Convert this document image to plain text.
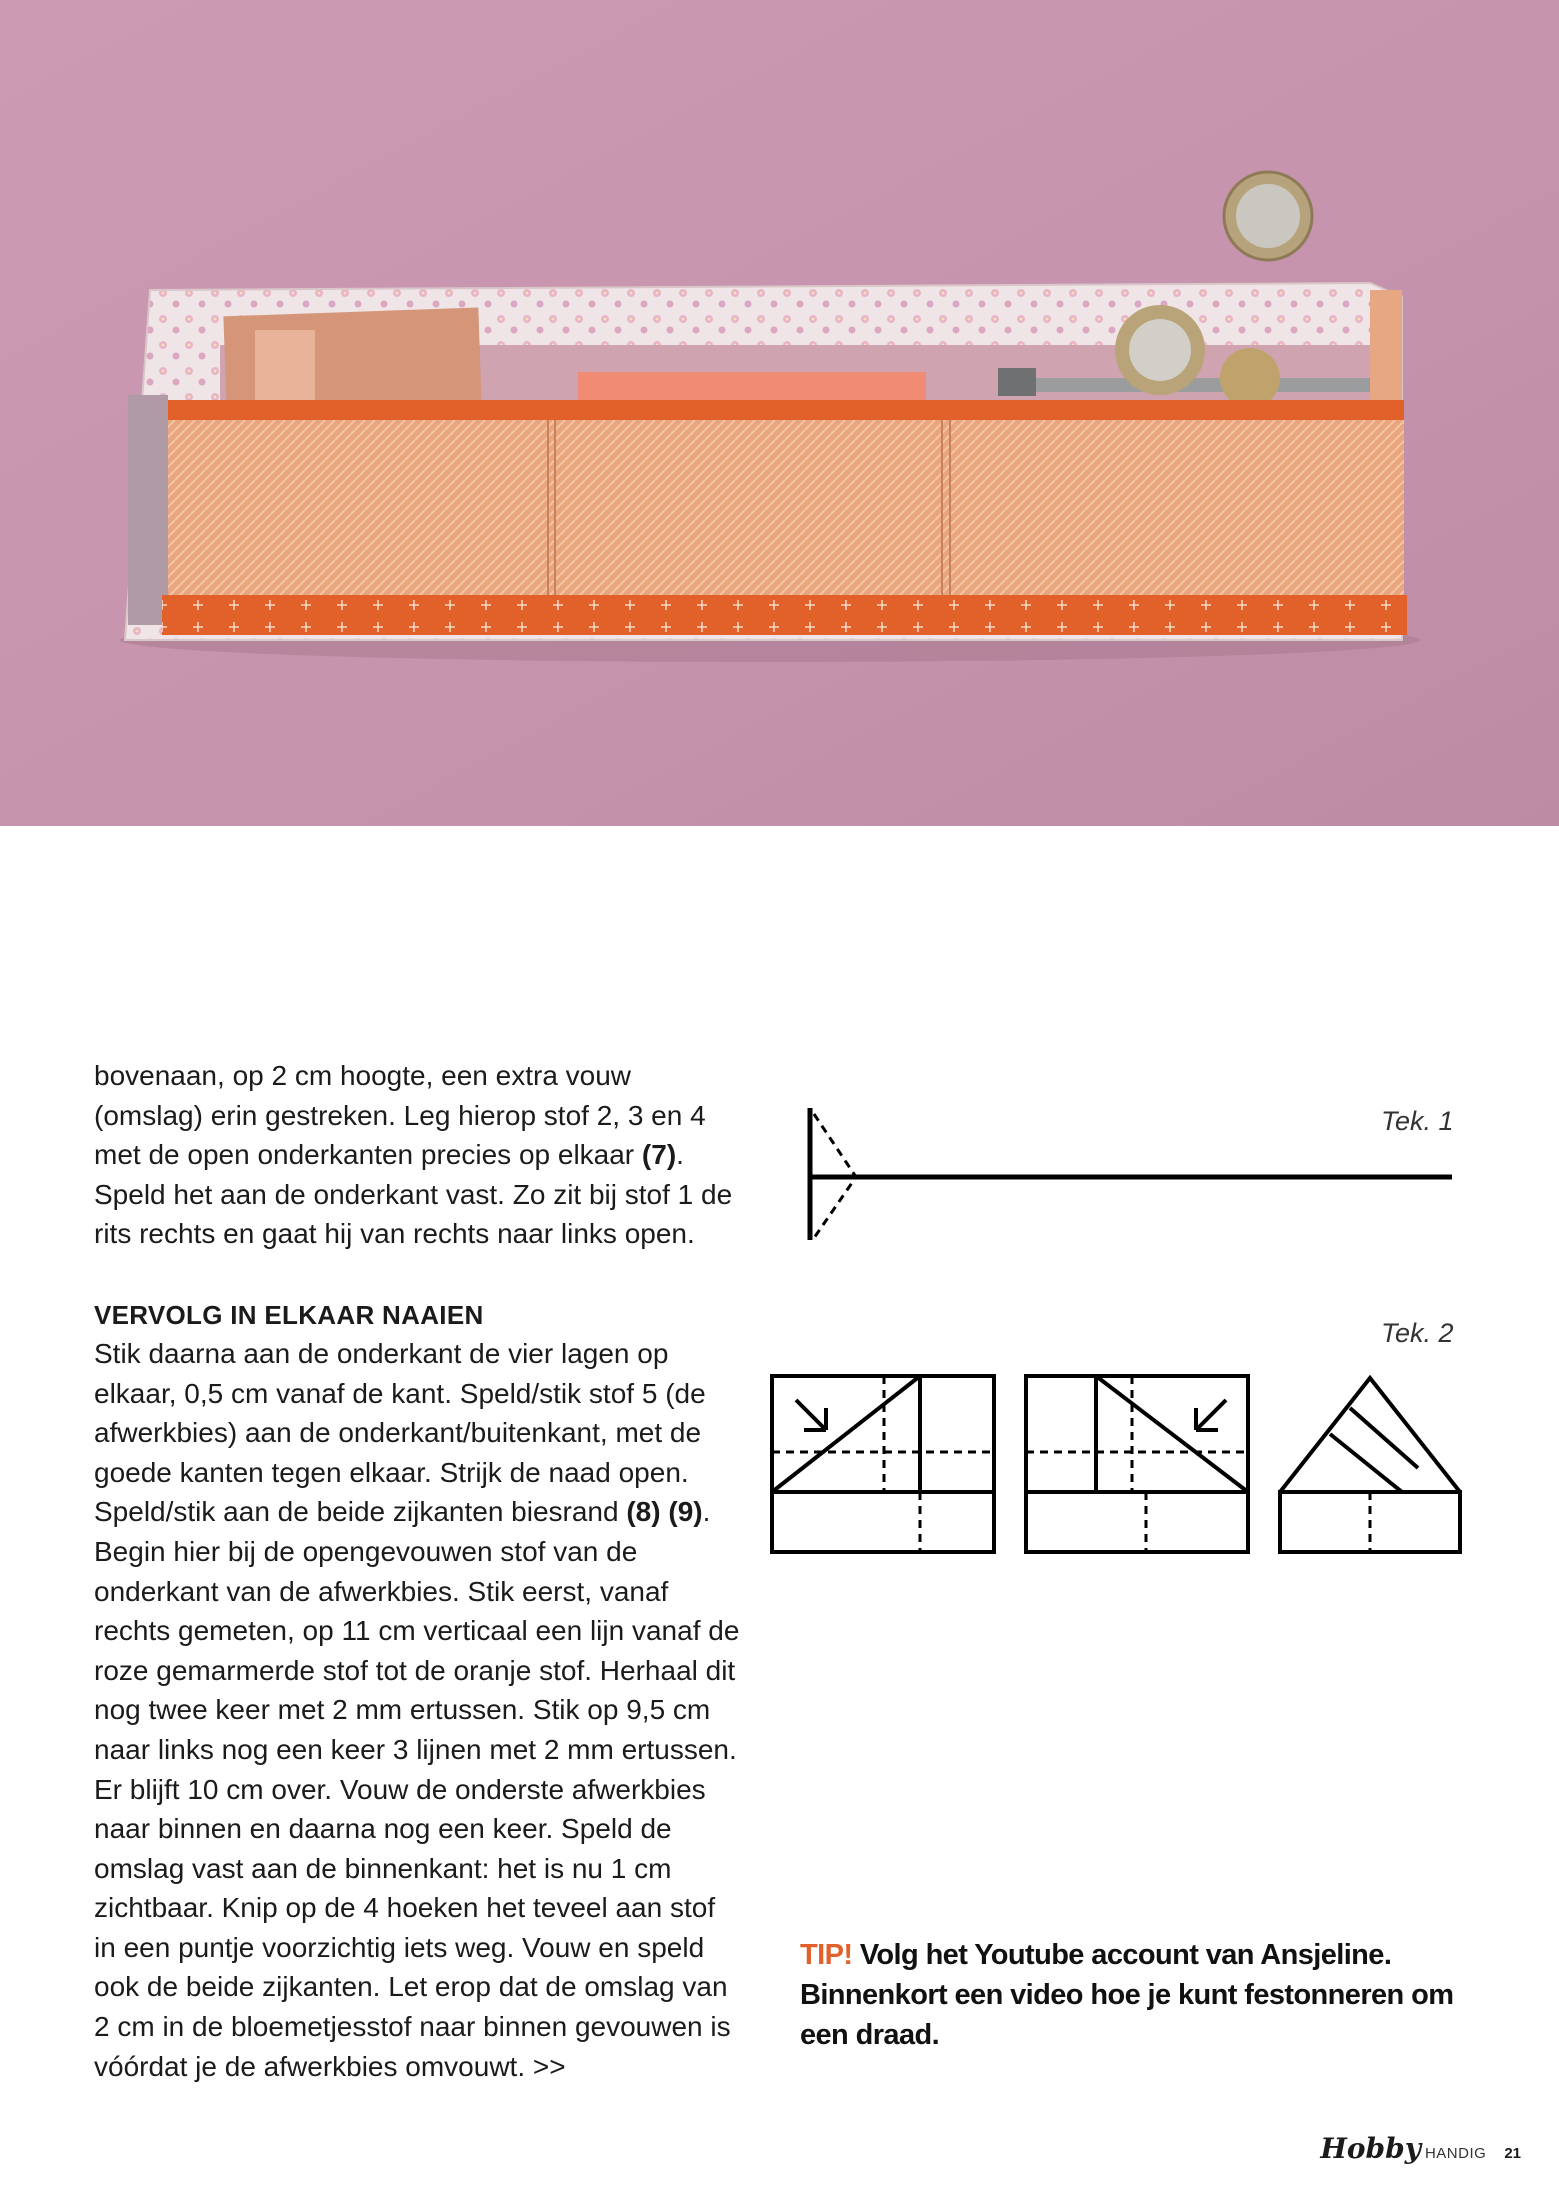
bovenaan, op 2 cm hoogte, een extra vouw (omslag) erin gestreken. Leg hierop stof 2, 3 en 4 met de open onderkanten precies op elkaar (7). Speld het aan de onderkant vast. Zo zit bij stof 1 de rits rechts en gaat hij van rechts naar links open.

VERVOLG IN ELKAAR NAAIEN

Stik daarna aan de onderkant de vier lagen op elkaar, 0,5 cm vanaf de kant. Speld/stik stof 5 (de afwerkbies) aan de onderkant/buitenkant, met de goede kanten tegen elkaar. Strijk de naad open. Speld/stik aan de beide zijkanten biesrand (8) (9). Begin hier bij de opengevouwen stof van de onderkant van de afwerkbies. Stik eerst, vanaf rechts gemeten, op 11 cm verticaal een lijn vanaf de roze gemarmerde stof tot de oranje stof. Herhaal dit nog twee keer met 2 mm ertussen. Stik op 9,5 cm naar links nog een keer 3 lijnen met 2 mm ertussen. Er blijft 10 cm over. Vouw de onderste afwerkbies naar binnen en daarna nog een keer. Speld de omslag vast aan de binnenkant: het is nu 1 cm zichtbaar. Knip op de 4 hoeken het teveel aan stof in een puntje voorzichtig iets weg. Vouw en speld ook de beide zijkanten. Let erop dat de omslag van 2 cm in de bloemetjesstof naar binnen gevouwen is vóórdat je de afwerkbies omvouwt. >>

Tek. 1
Tek. 2
TIP! Volg het Youtube account van Ansjeline. Binnenkort een video hoe je kunt festonneren om een draad.
Hobby HANDIG 21
